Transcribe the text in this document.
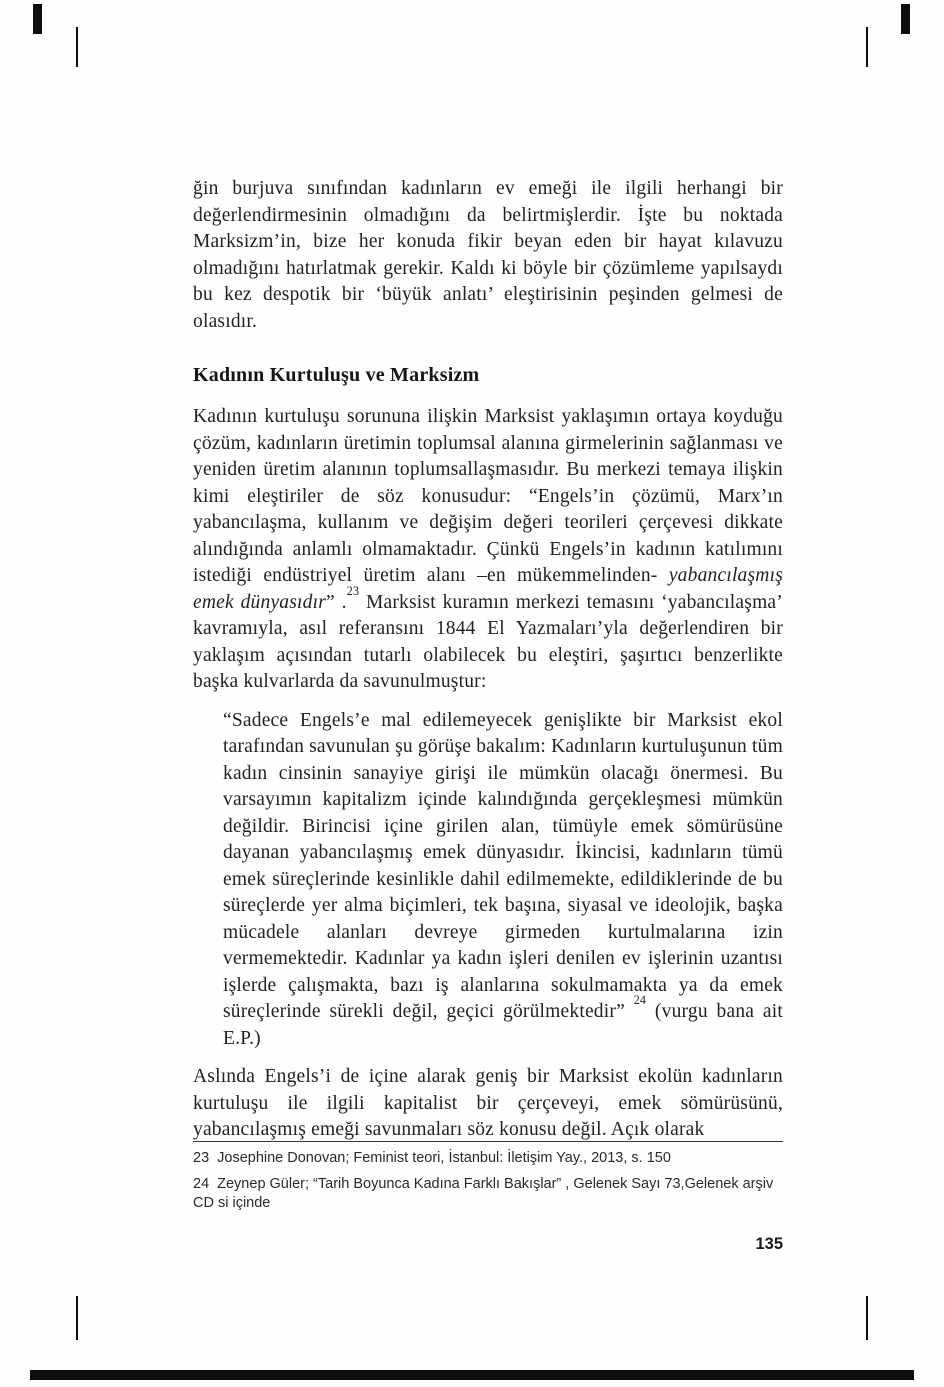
ğin burjuva sınıfından kadınların ev emeği ile ilgili herhangi bir değerlendirmesinin olmadığını da belirtmişlerdir. İşte bu noktada Marksizm’in, bize her konuda fikir beyan eden bir hayat kılavuzu olmadığını hatırlatmak gerekir. Kaldı ki böyle bir çözümleme yapılsaydı bu kez despotik bir ‘büyük anlatı’ eleştirisinin peşinden gelmesi de olasıdır.

Kadının Kurtuluşu ve Marksizm

Kadının kurtuluşu sorununa ilişkin Marksist yaklaşımın ortaya koyduğu çözüm, kadınların üretimin toplumsal alanına girmelerinin sağlanması ve yeniden üretim alanının toplumsallaşmasıdır. Bu merkezi temaya ilişkin kimi eleştiriler de söz konusudur: “Engels’in çözümü, Marx’ın yabancılaşma, kullanım ve değişim değeri teorileri çerçevesi dikkate alındığında anlamlı olmamaktadır. Çünkü Engels’in kadının katılımını istediği endüstriyel üretim alanı –en mükemmelinden- yabancılaşmış emek dünyasıdır” .$^{23}$ Marksist kuramın merkezi temasını ‘yabancılaşma’ kavramıyla, asıl referansını 1844 El Yazmaları’yla değerlendiren bir yaklaşım açısından tutarlı olabilecek bu eleştiri, şaşırtıcı benzerlikte başka kulvarlarda da savunulmuştur:

“Sadece Engels’e mal edilemeyecek genişlikte bir Marksist ekol tarafından savunulan şu görüşe bakalım: Kadınların kurtuluşunun tüm kadın cinsinin sanayiye girişi ile mümkün olacağı önermesi. Bu varsayımın kapitalizm içinde kalındığında gerçekleşmesi mümkün değildir. Birincisi içine girilen alan, tümüyle emek sömürüsüne dayanan yabancılaşmış emek dünyasıdır. İkincisi, kadınların tümü emek süreçlerinde kesinlikle dahil edilmemekte, edildiklerinde de bu süreçlerde yer alma biçimleri, tek başına, siyasal ve ideolojik, başka mücadele alanları devreye girmeden kurtulmalarına izin vermemektedir. Kadınlar ya kadın işleri denilen ev işlerinin uzantısı işlerde çalışmakta, bazı iş alanlarına sokulmamakta ya da emek süreçlerinde sürekli değil, geçici görülmektedir” $^{24}$ (vurgu bana ait E.P.)

Aslında Engels’i de içine alarak geniş bir Marksist ekolün kadınların kurtuluşu ile ilgili kapitalist bir çerçeveyi, emek sömürüsünü, yabancılaşmış emeği savunmaları söz konusu değil. Açık olarak

23 Josephine Donovan; Feminist teori, İstanbul: İletişim Yay., 2013, s. 150

24 Zeynep Güler; “Tarih Boyunca Kadına Farklı Bakışlar” , Gelenek Sayı 73,Gelenek arşiv CD si içinde

135
